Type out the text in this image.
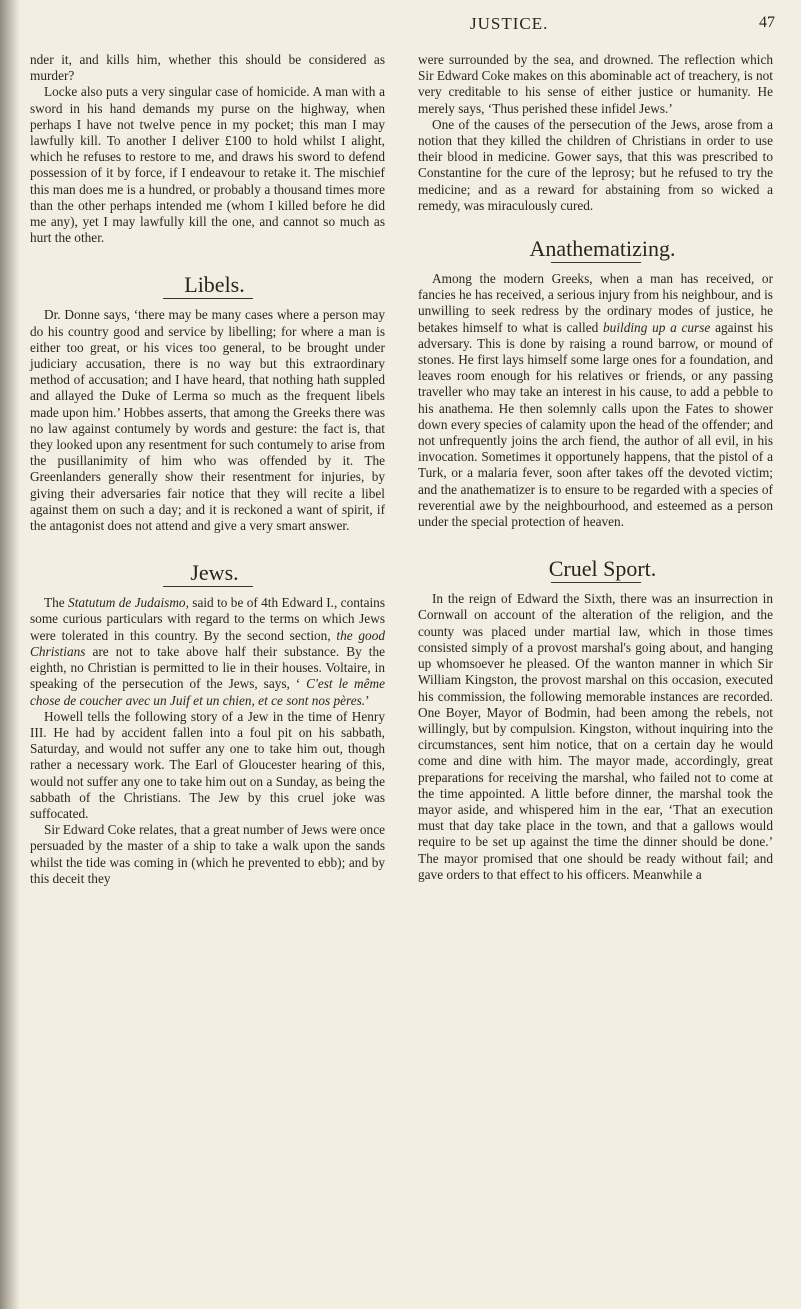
JUSTICE.	47

nder it, and kills him, whether this should be considered as murder?

Locke also puts a very singular case of homicide. A man with a sword in his hand demands my purse on the highway, when perhaps I have not twelve pence in my pocket; this man I may lawfully kill. To another I deliver £100 to hold whilst I alight, which he refuses to restore to me, and draws his sword to defend possession of it by force, if I endeavour to retake it. The mischief this man does me is a hundred, or probably a thousand times more than the other perhaps intended me (whom I killed before he did me any), yet I may lawfully kill the one, and cannot so much as hurt the other.

Libels.

Dr. Donne says, ‘there may be many cases where a person may do his country good and service by libelling; for where a man is either too great, or his vices too general, to be brought under judiciary accusation, there is no way but this extraordinary method of accusation; and I have heard, that nothing hath suppled and allayed the Duke of Lerma so much as the frequent libels made upon him.’ Hobbes asserts, that among the Greeks there was no law against contumely by words and gesture: the fact is, that they looked upon any resentment for such contumely to arise from the pusillanimity of him who was offended by it. The Greenlanders generally show their resentment for injuries, by giving their adversaries fair notice that they will recite a libel against them on such a day; and it is reckoned a want of spirit, if the antagonist does not attend and give a very smart answer.

Jews.

The Statutum de Judaismo, said to be of 4th Edward I., contains some curious particulars with regard to the terms on which Jews were tolerated in this country. By the second section, the good Christians are not to take above half their substance. By the eighth, no Christian is permitted to lie in their houses. Voltaire, in speaking of the persecution of the Jews, says, ‘ C'est le même chose de coucher avec un Juif et un chien, et ce sont nos pères.’

Howell tells the following story of a Jew in the time of Henry III. He had by accident fallen into a foul pit on his sabbath, Saturday, and would not suffer any one to take him out, though rather a necessary work. The Earl of Gloucester hearing of this, would not suffer any one to take him out on a Sunday, as being the sabbath of the Christians. The Jew by this cruel joke was suffocated.

Sir Edward Coke relates, that a great number of Jews were once persuaded by the master of a ship to take a walk upon the sands whilst the tide was coming in (which he prevented to ebb); and by this deceit they

were surrounded by the sea, and drowned. The reflection which Sir Edward Coke makes on this abominable act of treachery, is not very creditable to his sense of either justice or humanity. He merely says, ‘Thus perished these infidel Jews.’

One of the causes of the persecution of the Jews, arose from a notion that they killed the children of Christians in order to use their blood in medicine. Gower says, that this was prescribed to Constantine for the cure of the leprosy; but he refused to try the medicine; and as a reward for abstaining from so wicked a remedy, was miraculously cured.

Anathematizing.

Among the modern Greeks, when a man has received, or fancies he has received, a serious injury from his neighbour, and is unwilling to seek redress by the ordinary modes of justice, he betakes himself to what is called building up a curse against his adversary. This is done by raising a round barrow, or mound of stones. He first lays himself some large ones for a foundation, and leaves room enough for his relatives or friends, or any passing traveller who may take an interest in his cause, to add a pebble to his anathema. He then solemnly calls upon the Fates to shower down every species of calamity upon the head of the offender; and not unfrequently joins the arch fiend, the author of all evil, in his invocation. Sometimes it opportunely happens, that the pistol of a Turk, or a malaria fever, soon after takes off the devoted victim; and the anathematizer is to ensure to be regarded with a species of reverential awe by the neighbourhood, and esteemed as a person under the special protection of heaven.

Cruel Sport.

In the reign of Edward the Sixth, there was an insurrection in Cornwall on account of the alteration of the religion, and the county was placed under martial law, which in those times consisted simply of a provost marshal's going about, and hanging up whomsoever he pleased. Of the wanton manner in which Sir William Kingston, the provost marshal on this occasion, executed his commission, the following memorable instances are recorded. One Boyer, Mayor of Bodmin, had been among the rebels, not willingly, but by compulsion. Kingston, without inquiring into the circumstances, sent him notice, that on a certain day he would come and dine with him. The mayor made, accordingly, great preparations for receiving the marshal, who failed not to come at the time appointed. A little before dinner, the marshal took the mayor aside, and whispered him in the ear, ‘That an execution must that day take place in the town, and that a gallows would require to be set up against the time the dinner should be done.’ The mayor promised that one should be ready without fail; and gave orders to that effect to his officers. Meanwhile a
